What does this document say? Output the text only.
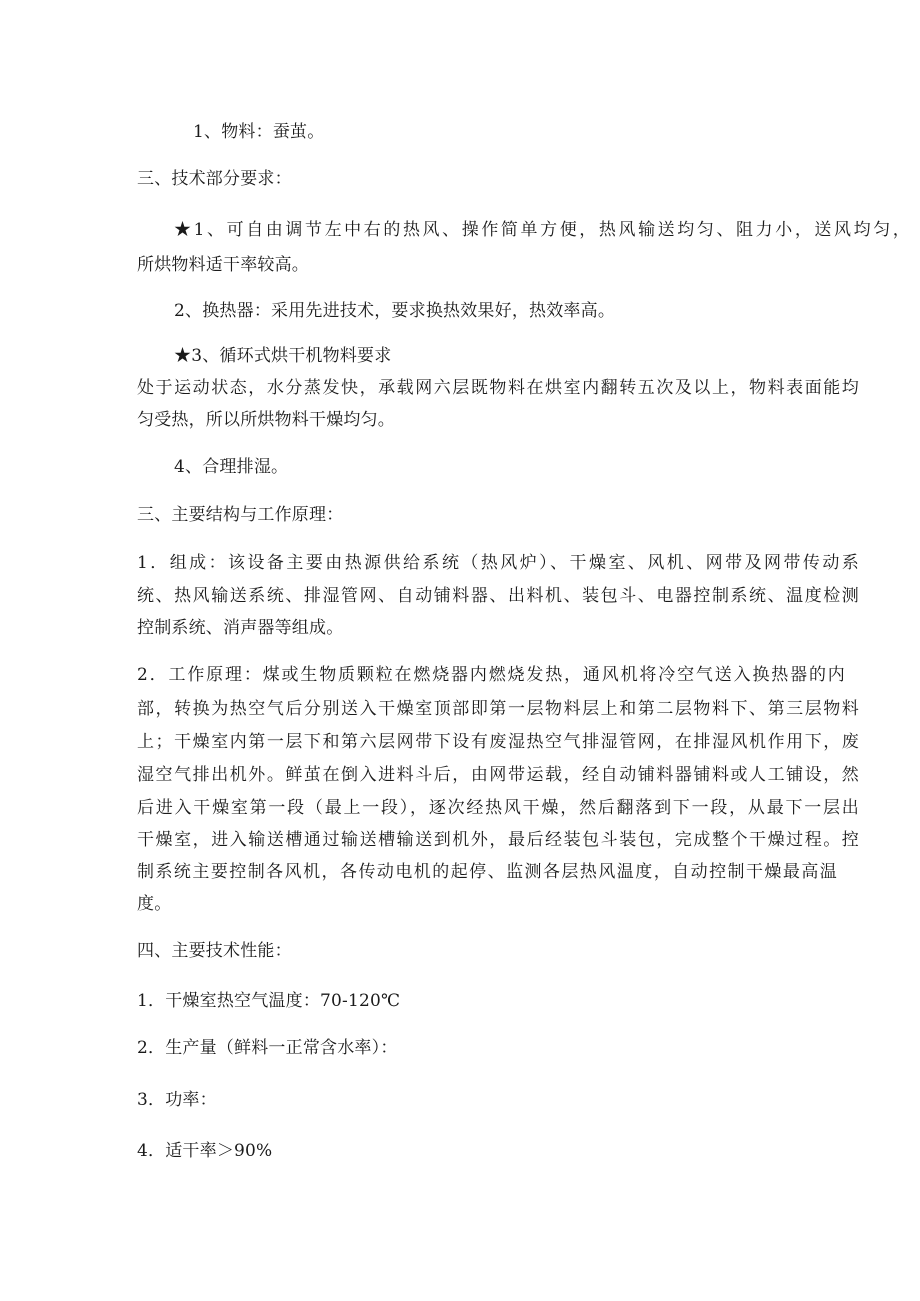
1、物料：蚕茧。
三、技术部分要求：
★1、可自由调节左中右的热风、操作简单方便，热风输送均匀、阻力小，送风均匀，
所烘物料适干率较高。
2、换热器：采用先进技术，要求换热效果好，热效率高。
★3、循环式烘干机物料要求
处于运动状态，水分蒸发快，承载网六层既物料在烘室内翻转五次及以上，物料表面能均
匀受热，所以所烘物料干燥均匀。
4、合理排湿。
三、主要结构与工作原理：
1．组成：该设备主要由热源供给系统（热风炉）、干燥室、风机、网带及网带传动系
统、热风输送系统、排湿管网、自动铺料器、出料机、装包斗、电器控制系统、温度检测
控制系统、消声器等组成。
2．工作原理：煤或生物质颗粒在燃烧器内燃烧发热，通风机将冷空气送入换热器的内
部，转换为热空气后分别送入干燥室顶部即第一层物料层上和第二层物料下、第三层物料
上；干燥室内第一层下和第六层网带下设有废湿热空气排湿管网，在排湿风机作用下，废
湿空气排出机外。鲜茧在倒入进料斗后，由网带运载，经自动铺料器铺料或人工铺设，然
后进入干燥室第一段（最上一段），逐次经热风干燥，然后翻落到下一段，从最下一层出
干燥室，进入输送槽通过输送槽输送到机外，最后经装包斗装包，完成整个干燥过程。控
制系统主要控制各风机，各传动电机的起停、监测各层热风温度，自动控制干燥最高温
度。
四、主要技术性能：
1．干燥室热空气温度：70-120℃
2．生产量（鲜料一正常含水率）：
3．功率：
4．适干率＞90%
